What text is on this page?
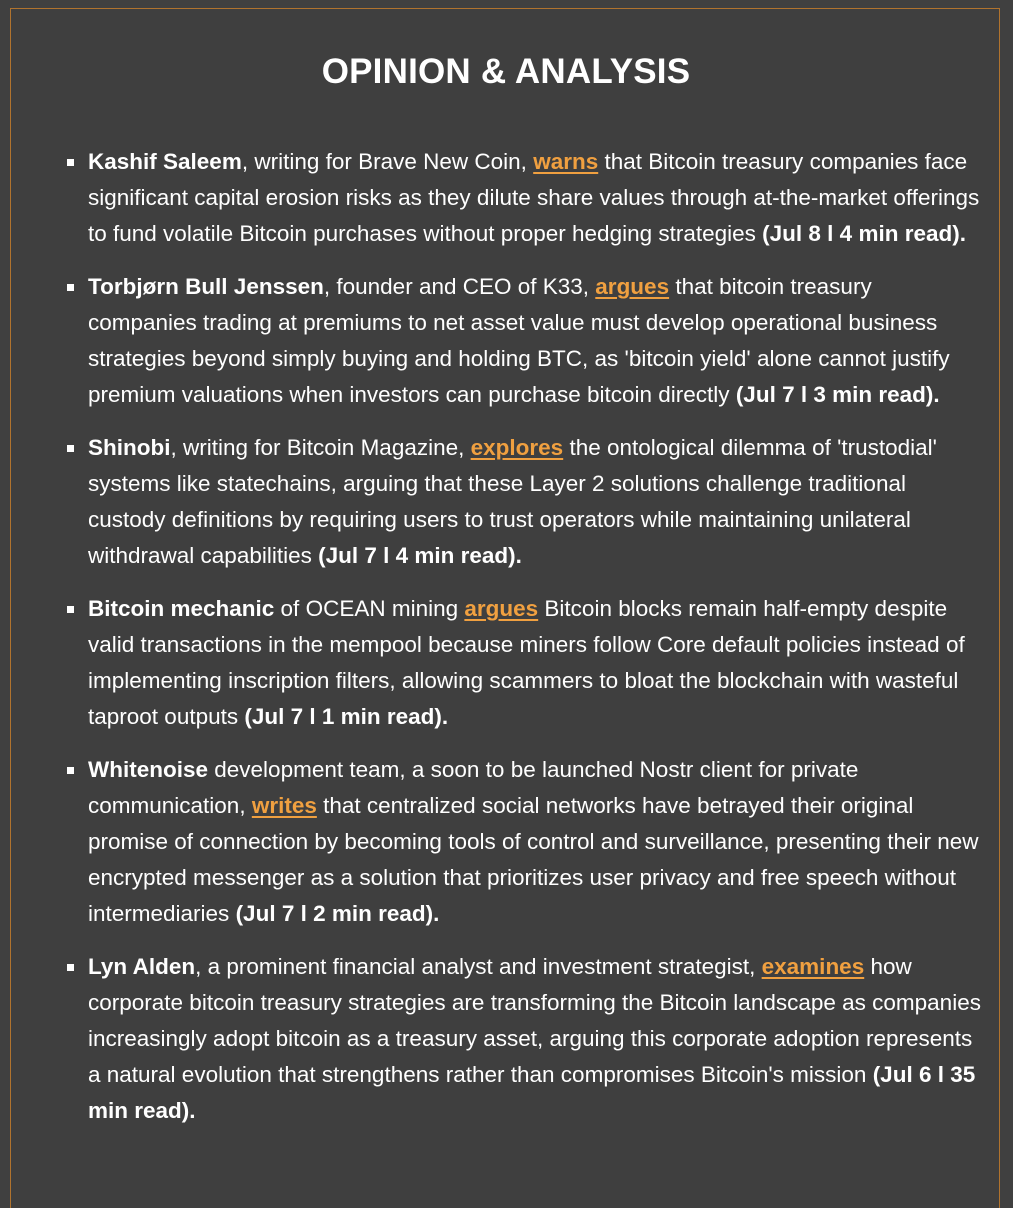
OPINION & ANALYSIS
Kashif Saleem, writing for Brave New Coin, warns that Bitcoin treasury companies face significant capital erosion risks as they dilute share values through at-the-market offerings to fund volatile Bitcoin purchases without proper hedging strategies (Jul 8 l 4 min read).
Torbjørn Bull Jenssen, founder and CEO of K33, argues that bitcoin treasury companies trading at premiums to net asset value must develop operational business strategies beyond simply buying and holding BTC, as 'bitcoin yield' alone cannot justify premium valuations when investors can purchase bitcoin directly (Jul 7 l 3 min read).
Shinobi, writing for Bitcoin Magazine, explores the ontological dilemma of 'trustodial' systems like statechains, arguing that these Layer 2 solutions challenge traditional custody definitions by requiring users to trust operators while maintaining unilateral withdrawal capabilities (Jul 7 l 4 min read).
Bitcoin mechanic of OCEAN mining argues Bitcoin blocks remain half-empty despite valid transactions in the mempool because miners follow Core default policies instead of implementing inscription filters, allowing scammers to bloat the blockchain with wasteful taproot outputs (Jul 7 l 1 min read).
Whitenoise development team, a soon to be launched Nostr client for private communication, writes that centralized social networks have betrayed their original promise of connection by becoming tools of control and surveillance, presenting their new encrypted messenger as a solution that prioritizes user privacy and free speech without intermediaries (Jul 7 l 2 min read).
Lyn Alden, a prominent financial analyst and investment strategist, examines how corporate bitcoin treasury strategies are transforming the Bitcoin landscape as companies increasingly adopt bitcoin as a treasury asset, arguing this corporate adoption represents a natural evolution that strengthens rather than compromises Bitcoin's mission (Jul 6 l 35 min read).
